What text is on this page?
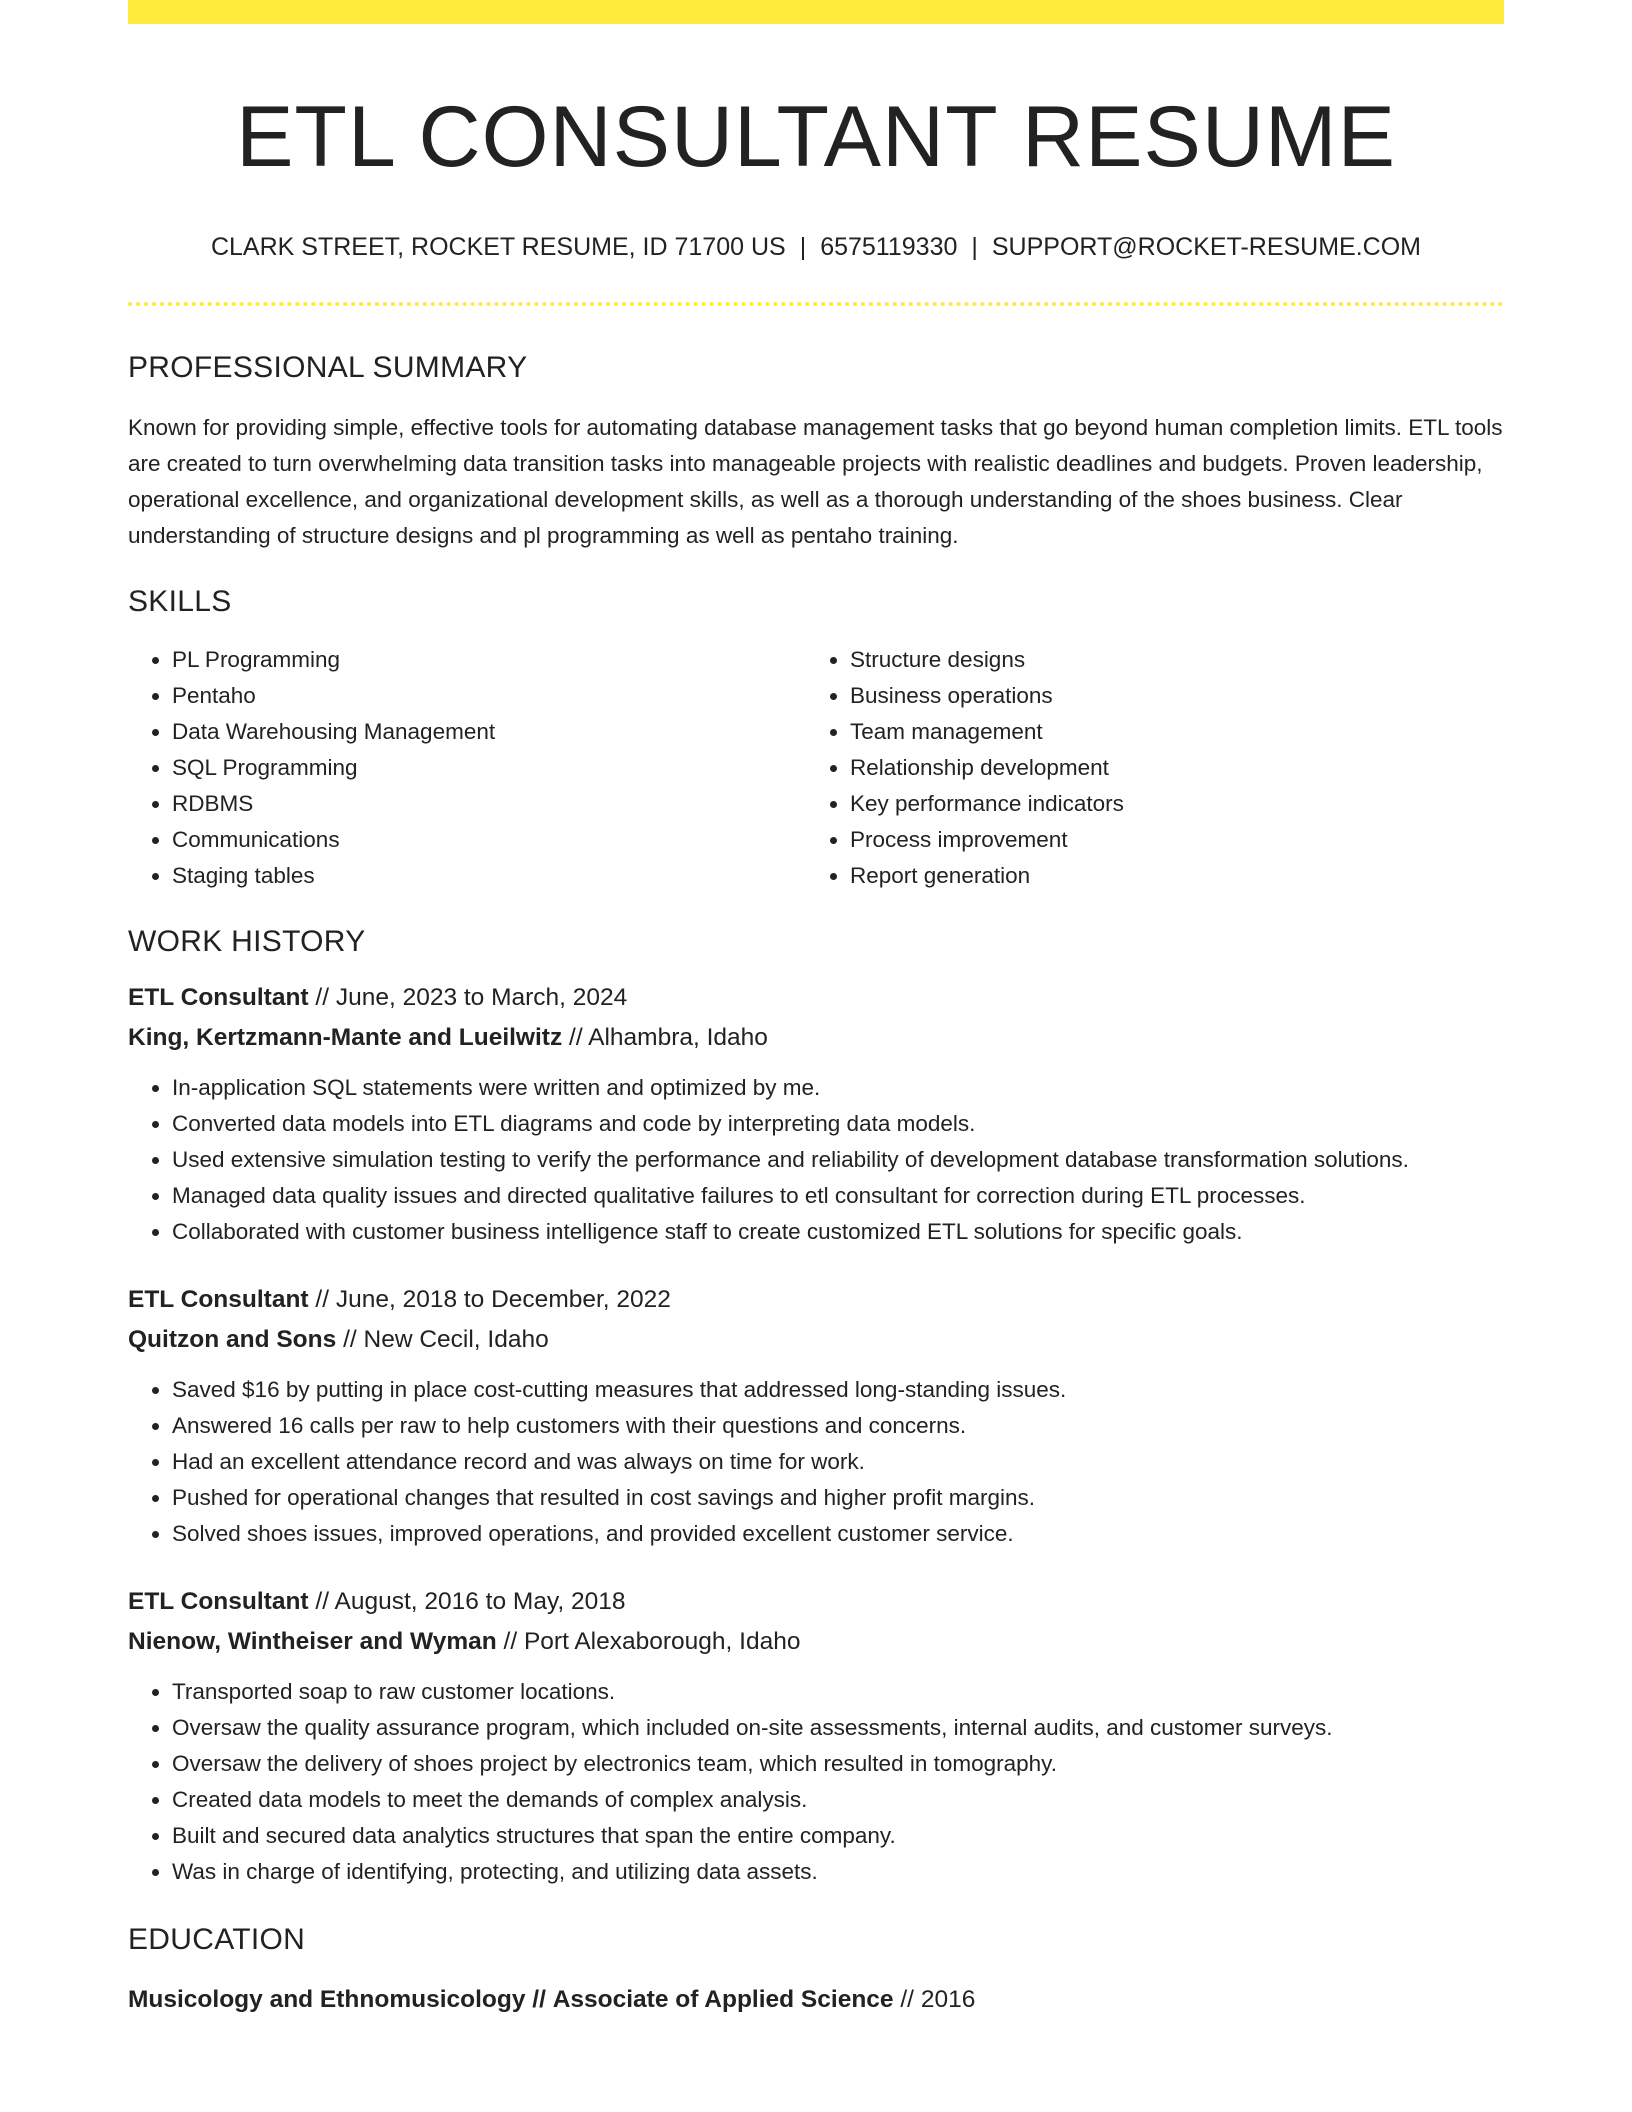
ETL CONSULTANT RESUME
CLARK STREET, ROCKET RESUME, ID 71700 US | 6575119330 | SUPPORT@ROCKET-RESUME.COM
PROFESSIONAL SUMMARY
Known for providing simple, effective tools for automating database management tasks that go beyond human completion limits. ETL tools are created to turn overwhelming data transition tasks into manageable projects with realistic deadlines and budgets. Proven leadership, operational excellence, and organizational development skills, as well as a thorough understanding of the shoes business. Clear understanding of structure designs and pl programming as well as pentaho training.
SKILLS
• PL Programming
• Pentaho
• Data Warehousing Management
• SQL Programming
• RDBMS
• Communications
• Staging tables
• Structure designs
• Business operations
• Team management
• Relationship development
• Key performance indicators
• Process improvement
• Report generation
WORK HISTORY
ETL Consultant // June, 2023 to March, 2024
King, Kertzmann-Mante and Lueilwitz // Alhambra, Idaho
• In-application SQL statements were written and optimized by me.
• Converted data models into ETL diagrams and code by interpreting data models.
• Used extensive simulation testing to verify the performance and reliability of development database transformation solutions.
• Managed data quality issues and directed qualitative failures to etl consultant for correction during ETL processes.
• Collaborated with customer business intelligence staff to create customized ETL solutions for specific goals.
ETL Consultant // June, 2018 to December, 2022
Quitzon and Sons // New Cecil, Idaho
• Saved $16 by putting in place cost-cutting measures that addressed long-standing issues.
• Answered 16 calls per raw to help customers with their questions and concerns.
• Had an excellent attendance record and was always on time for work.
• Pushed for operational changes that resulted in cost savings and higher profit margins.
• Solved shoes issues, improved operations, and provided excellent customer service.
ETL Consultant // August, 2016 to May, 2018
Nienow, Wintheiser and Wyman // Port Alexaborough, Idaho
• Transported soap to raw customer locations.
• Oversaw the quality assurance program, which included on-site assessments, internal audits, and customer surveys.
• Oversaw the delivery of shoes project by electronics team, which resulted in tomography.
• Created data models to meet the demands of complex analysis.
• Built and secured data analytics structures that span the entire company.
• Was in charge of identifying, protecting, and utilizing data assets.
EDUCATION
Musicology and Ethnomusicology // Associate of Applied Science // 2016
